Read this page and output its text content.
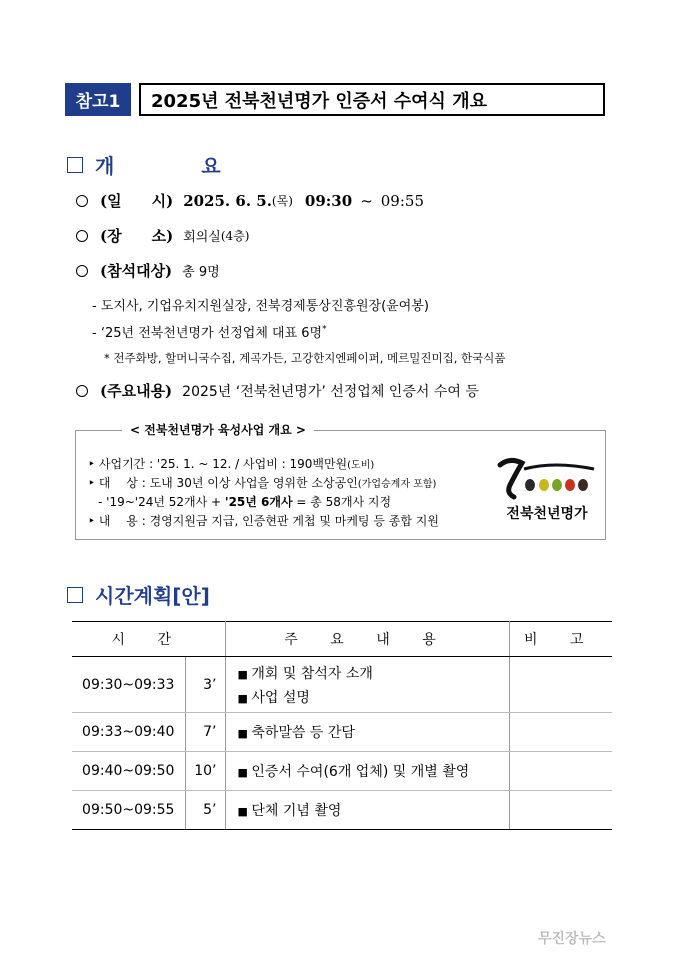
참고1	2025년 전북천년명가 인증서 수여식 개요
개 요
(일　　시) 2025. 6. 5. (목) 09:30 ~ 09:55
(장　　소) 회의실 (4층)
(참석대상) 총 9명
- 도지사, 기업유치지원실장, 전북경제통상진흥원장(윤여봉)
- ‘25년 전북천년명가 선정업체 대표 6명*
* 전주화방, 할머니국수집, 계곡가든, 고강한지엔페이퍼, 메르밀진미집, 한국식품
(주요내용) 2025년 ‘전북천년명가’ 선정업체 인증서 수여 등
< 전북천년명가 육성사업 개요 >
‣ 사업기간 : '25. 1. ~ 12. / 사업비 : 190백만원(도비)
‣ 대　 상 : 도내 30년 이상 사업을 영위한 소상공인(가업승계자 포함)
- '19~'24년 52개사 + '25년 6개사 = 총 58개사 지정
‣ 내　 용 : 경영지원금 지급, 인증현판 게첩 및 마케팅 등 종합 지원	전북천년명가
시간계획[안]
시 간		주 요 내 용	비 고
09:30~09:33	3’	■ 개회 및 참석자 소개
■ 사업 설명

09:33~09:40	7’	■ 축하말씀 등 간담

09:40~09:50	10’	■ 인증서 수여(6개 업체) 및 개별 촬영

09:50~09:55	5’	■ 단체 기념 촬영

무진장뉴스
